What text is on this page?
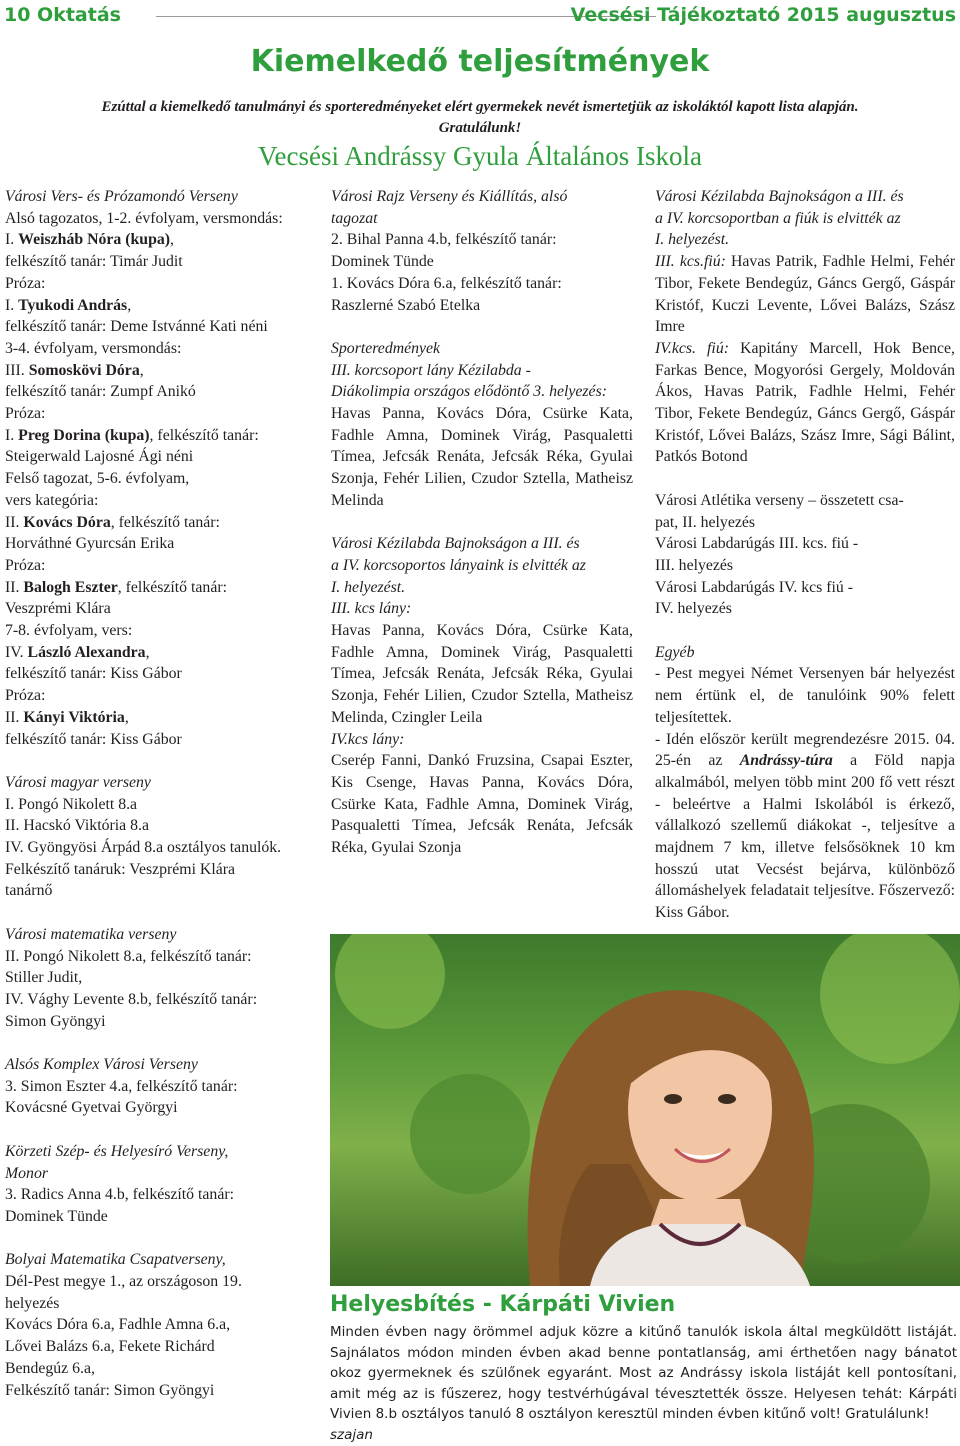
10 Oktatás	Vecsési Tájékoztató 2015 augusztus
Kiemelkedő teljesítmények
Ezúttal a kiemelkedő tanulmányi és sporteredményeket elért gyermekek nevét ismertetjük az iskoláktól kapott lista alapján.
Gratulálunk!
Vecsési Andrássy Gyula Általános Iskola

Városi Vers- és Prózamondó Verseny

Alsó tagozatos, 1-2. évfolyam, versmondás:

I. Weiszháb Nóra (kupa),

felkészítő tanár: Timár Judit

Próza:

I. Tyukodi András,

felkészítő tanár: Deme Istvánné Kati néni

3-4. évfolyam, versmondás:

III. Somosköv​i Dóra,

felkészítő tanár: Zumpf Anikó

Próza:

I. Preg Dorina (kupa), felkészítő tanár:

Steigerwald Lajosné Ági néni

Felső tagozat, 5-6. évfolyam,

vers kategória:

II. Kovács Dóra, felkészítő tanár:

Horváthné Gyurcsán Erika

Próza:

II. Balogh Eszter, felkészítő tanár:

Veszprémi Klára

7-8. évfolyam, vers:

IV. László Alexandra,

felkészítő tanár: Kiss Gábor

Próza:

II. Kányi Viktória,

felkészítő tanár: Kiss Gábor

Városi magyar verseny

I. Pongó Nikolett 8.a

II. Hacskó Viktória 8.a

IV. Gyöngyösi Árpád 8.a osztályos tanulók.

Felkészítő tanáruk: Veszprémi Klára

tanárnő

Városi matematika verseny

II. Pongó Nikolett 8.a, felkészítő tanár:

Stiller Judit,

IV. Vághy Levente 8.b, felkészítő tanár:

Simon Gyöngyi

Alsós Komplex Városi Verseny

3. Simon Eszter 4.a, felkészítő tanár:

Kovácsné Gyetvai Györgyi

Körzeti Szép- és Helyesíró Verseny,

Monor

3. Radics Anna 4.b, felkészítő tanár:

Dominek Tünde

Bolyai Matematika Csapatverseny,

Dél-Pest megye 1., az országoson 19.

helyezés

Kovács Dóra 6.a, Fadhle Amna 6.a,

Lővei Balázs 6.a, Fekete Richárd

Bendegúz 6.a,

Felkészítő tanár: Simon Gyöngyi

Városi Rajz Verseny és Kiállítás, alsó

tagozat

2. Bihal Panna 4.b, felkészítő tanár:

Dominek Tünde

1. Kovács Dóra 6.a, felkészítő tanár:

Raszlerné Szabó Etelka

Sporteredmények

III. korcsoport lány Kézilabda -

Diákolimpia országos elődöntő 3. helyezés:

Havas Panna, Kovács Dóra, Csürke Kata, Fadhle Amna, Dominek Virág, Pasqualetti Tímea, Jefcsák Renáta, Jefcsák Réka, Gyulai Szonja, Fehér Lilien, Czudor Sztella, Matheisz Melinda

Városi Kézilabda Bajnokságon a III. és

a IV. korcsoportos lányaink is elvitték az

I. helyezést.

III. kcs lány:

Havas Panna, Kovács Dóra, Csürke Kata, Fadhle Amna, Dominek Virág, Pasqualetti Tímea, Jefcsák Renáta, Jefcsák Réka, Gyulai Szonja, Fehér Lilien, Czudor Sztella, Matheisz Melinda, Czingler Leila

IV.kcs lány:

Cserép Fanni, Dankó Fruzsina, Csapai Eszter, Kis Csenge, Havas Panna, Kovács Dóra, Csürke Kata, Fadhle Amna, Dominek Virág, Pasqualetti Tímea, Jefcsák Renáta, Jefcsák Réka, Gyulai Szonja

Városi Kézilabda Bajnokságon a III. és

a IV. korcsoportban a fiúk is elvitték az

I. helyezést.

III. kcs.fiú: Havas Patrik, Fadhle Helmi, Fehér Tibor, Fekete Bendegúz, Gáncs Gergő, Gáspár Kristóf, Kuczi Levente, Lővei Balázs, Szász Imre

IV.kcs. fiú: Kapitány Marcell, Hok Bence, Farkas Bence, Mogyorósi Gergely, Moldován Ákos, Havas Patrik, Fadhle Helmi, Fehér Tibor, Fekete Bendegúz, Gáncs Gergő, Gáspár Kristóf, Lővei Balázs, Szász Imre, Sági Bálint, Patkós Botond

Városi Atlétika verseny – összetett csa-

pat, II. helyezés

Városi Labdarúgás III. kcs. fiú -

III. helyezés

Városi Labdarúgás IV. kcs fiú -

IV. helyezés

Egyéb

- Pest megyei Német Versenyen bár helyezést nem értünk el, de tanulóink 90% felett teljesítettek.

- Idén először került megrendezésre 2015. 04. 25-én az Andrássy-túra a Föld napja alkalmából, melyen több mint 200 fő vett részt - beleértve a Halmi Iskolából is érkező, vállalkozó szellemű diákokat -, teljesítve a majdnem 7 km, illetve felsősöknek 10 km hosszú utat Vecsést bejárva, különböző állomáshelyek feladatait teljesítve. Főszervező: Kiss Gábor.

Helyesbítés - Kárpáti Vivien
Minden évben nagy örömmel adjuk közre a kitűnő tanulók iskola által megküldött listáját. Sajnálatos módon minden évben akad benne pontatlanság, ami érthetően nagy bánatot okoz gyermeknek és szülőnek egyaránt. Most az Andrássy iskola listáját kell pontosítani, amit még az is fűszerez, hogy testvérhúgával tévesztették össze. Helyesen tehát: Kárpáti Vivien 8.b osztályos tanuló 8 osztályon keresztül minden évben kitűnő volt! Gratulálunk!
szajan
